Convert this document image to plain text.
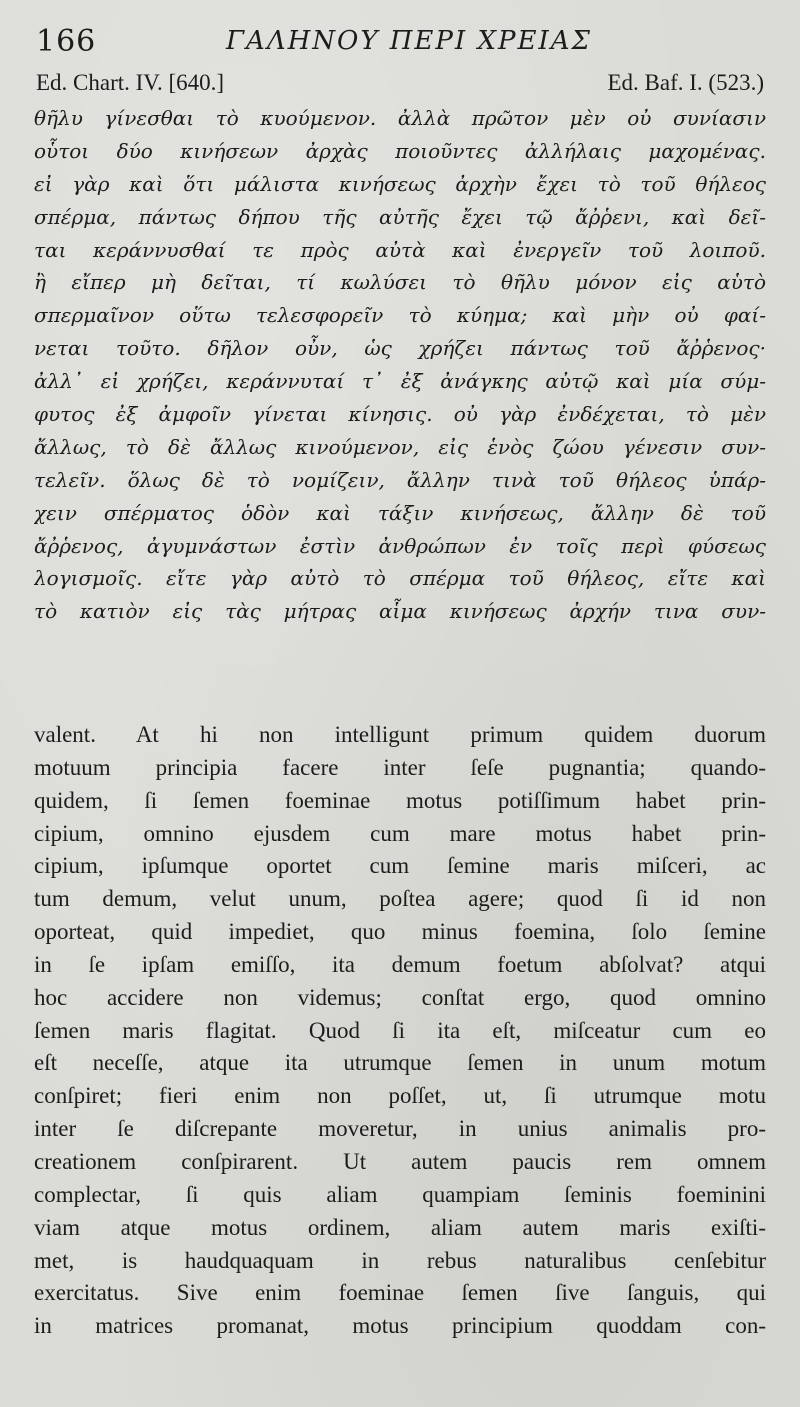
166	ΓΑΛΗΝΟΥ ΠΕΡΙ ΧΡΕΙΑΣ
Ed. Chart. IV. [640.]	Ed. Baf. I. (523.)
θῆλυ γίνεσθαι τὸ κυούμενον. ἀλλὰ πρῶτον μὲν οὐ συνίασιν
οὗτοι δύο κινήσεων ἀρχὰς ποιοῦντες ἀλλήλαις μαχομένας.
εἰ γὰρ καὶ ὅτι μάλιστα κινήσεως ἀρχὴν ἔχει τὸ τοῦ θήλεος
σπέρμα, πάντως δήπου τῆς αὐτῆς ἔχει τῷ ἄῤῥενι, καὶ δεῖ-
ται κεράννυσθαί τε πρὸς αὐτὰ καὶ ἐνεργεῖν τοῦ λοιποῦ.
ἢ εἴπερ μὴ δεῖται, τί κωλύσει τὸ θῆλυ μόνον εἰς αὑτὸ
σπερμαῖνον οὕτω τελεσφορεῖν τὸ κύημα; καὶ μὴν οὐ φαί-
νεται τοῦτο. δῆλον οὖν, ὡς χρήζει πάντως τοῦ ἄῤῥενος·
ἀλλ᾽ εἰ χρήζει, κεράννυταί τ᾽ ἐξ ἀνάγκης αὐτῷ καὶ μία σύμ-
φυτος ἐξ ἀμφοῖν γίνεται κίνησις. οὐ γὰρ ἐνδέχεται, τὸ μὲν
ἄλλως, τὸ δὲ ἄλλως κινούμενον, εἰς ἑνὸς ζώου γένεσιν συν-
τελεῖν. ὅλως δὲ τὸ νομίζειν, ἄλλην τινὰ τοῦ θήλεος ὑπάρ-
χειν σπέρματος ὁδὸν καὶ τάξιν κινήσεως, ἄλλην δὲ τοῦ
ἄῤῥενος, ἀγυμνάστων ἐστὶν ἀνθρώπων ἐν τοῖς περὶ φύσεως
λογισμοῖς. εἴτε γὰρ αὐτὸ τὸ σπέρμα τοῦ θήλεος, εἴτε καὶ
τὸ κατιὸν εἰς τὰς μήτρας αἷμα κινήσεως ἀρχήν τινα συν-
valent. At hi non intelligunt primum quidem duorum
motuum principia facere inter ſeſe pugnantia; quando-
quidem, ſi ſemen foeminae motus potiſſimum habet prin-
cipium, omnino ejusdem cum mare motus habet prin-
cipium, ipſumque oportet cum ſemine maris miſceri, ac
tum demum, velut unum, poſtea agere; quod ſi id non
oporteat, quid impediet, quo minus foemina, ſolo ſemine
in ſe ipſam emiſſo, ita demum foetum abſolvat? atqui
hoc accidere non videmus; conſtat ergo, quod omnino
ſemen maris flagitat. Quod ſi ita eſt, miſceatur cum eo
eſt neceſſe, atque ita utrumque ſemen in unum motum
conſpiret; fieri enim non poſſet, ut, ſi utrumque motu
inter ſe diſcrepante moveretur, in unius animalis pro-
creationem conſpirarent. Ut autem paucis rem omnem
complectar, ſi quis aliam quampiam ſeminis foeminini
viam atque motus ordinem, aliam autem maris exiſti-
met, is haudquaquam in rebus naturalibus cenſebitur
exercitatus. Sive enim foeminae ſemen ſive ſanguis, qui
in matrices promanat, motus principium quoddam con-
